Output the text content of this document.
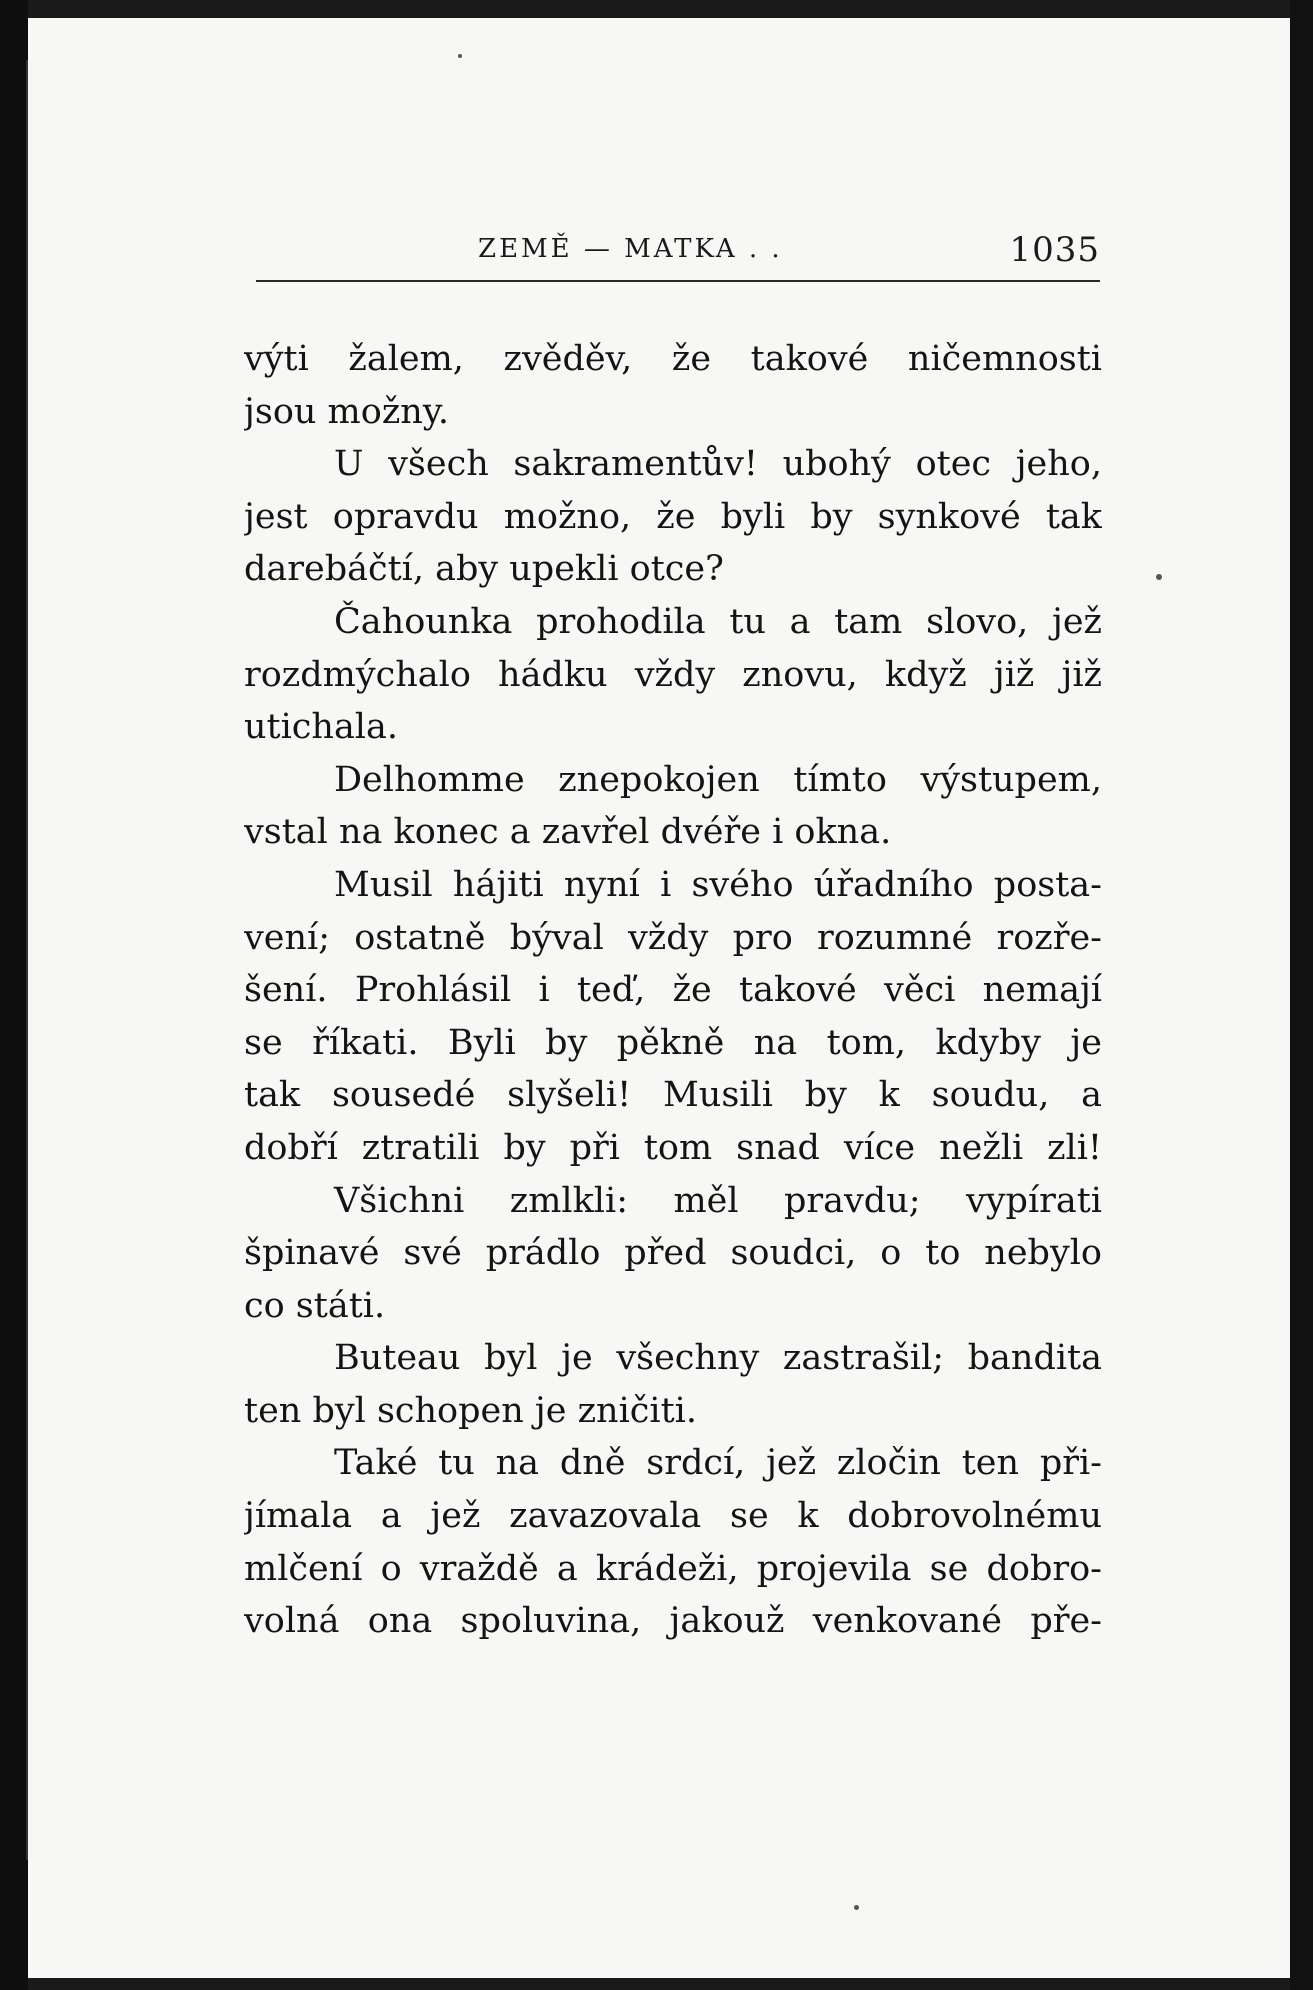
ZEMĚ — MATKA . .	1035
výti žalem, zvěděv, že takové ničemnosti
jsou možny.
U všech sakramentův! ubohý otec jeho,
jest opravdu možno, že byli by synkové tak
darebáčtí, aby upekli otce?
Čahounka prohodila tu a tam slovo, jež
rozdmýchalo hádku vždy znovu, když již již
utichala.
Delhomme znepokojen tímto výstupem,
vstal na konec a zavřel dvéře i okna.
Musil hájiti nyní i svého úřadního posta-
vení; ostatně býval vždy pro rozumné rozře-
šení. Prohlásil i teď, že takové věci nemají
se říkati. Byli by pěkně na tom, kdyby je
tak sousedé slyšeli! Musili by k soudu, a
dobří ztratili by při tom snad více nežli zli!
Všichni zmlkli: měl pravdu; vypírati
špinavé své prádlo před soudci, o to nebylo
co státi.
Buteau byl je všechny zastrašil; bandita
ten byl schopen je zničiti.
Také tu na dně srdcí, jež zločin ten při-
jímala a jež zavazovala se k dobrovolnému
mlčení o vraždě a krádeži, projevila se dobro-
volná ona spoluvina, jakouž venkované pře-
